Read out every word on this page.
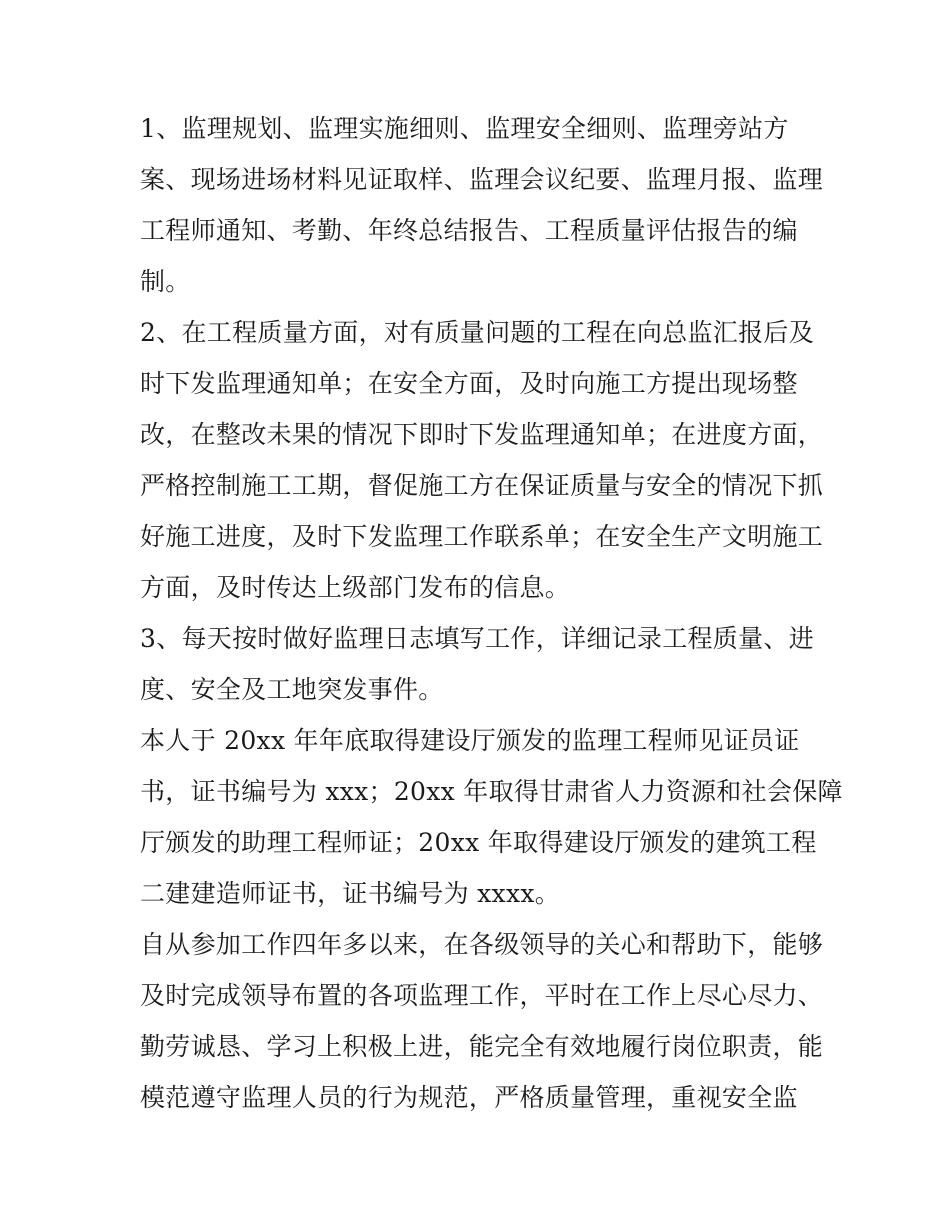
1、监理规划、监理实施细则、监理安全细则、监理旁站方
案、现场进场材料见证取样、监理会议纪要、监理月报、监理
工程师通知、考勤、年终总结报告、工程质量评估报告的编
制。
2、在工程质量方面，对有质量问题的工程在向总监汇报后及
时下发监理通知单；在安全方面，及时向施工方提出现场整
改，在整改未果的情况下即时下发监理通知单；在进度方面，
严格控制施工工期，督促施工方在保证质量与安全的情况下抓
好施工进度，及时下发监理工作联系单；在安全生产文明施工
方面，及时传达上级部门发布的信息。
3、每天按时做好监理日志填写工作，详细记录工程质量、进
度、安全及工地突发事件。
本人于 20xx 年年底取得建设厅颁发的监理工程师见证员证
书，证书编号为 xxx；20xx 年取得甘肃省人力资源和社会保障
厅颁发的助理工程师证；20xx 年取得建设厅颁发的建筑工程
二建建造师证书，证书编号为 xxxx。
自从参加工作四年多以来，在各级领导的关心和帮助下，能够
及时完成领导布置的各项监理工作，平时在工作上尽心尽力、
勤劳诚恳、学习上积极上进，能完全有效地履行岗位职责，能
模范遵守监理人员的行为规范，严格质量管理，重视安全监
